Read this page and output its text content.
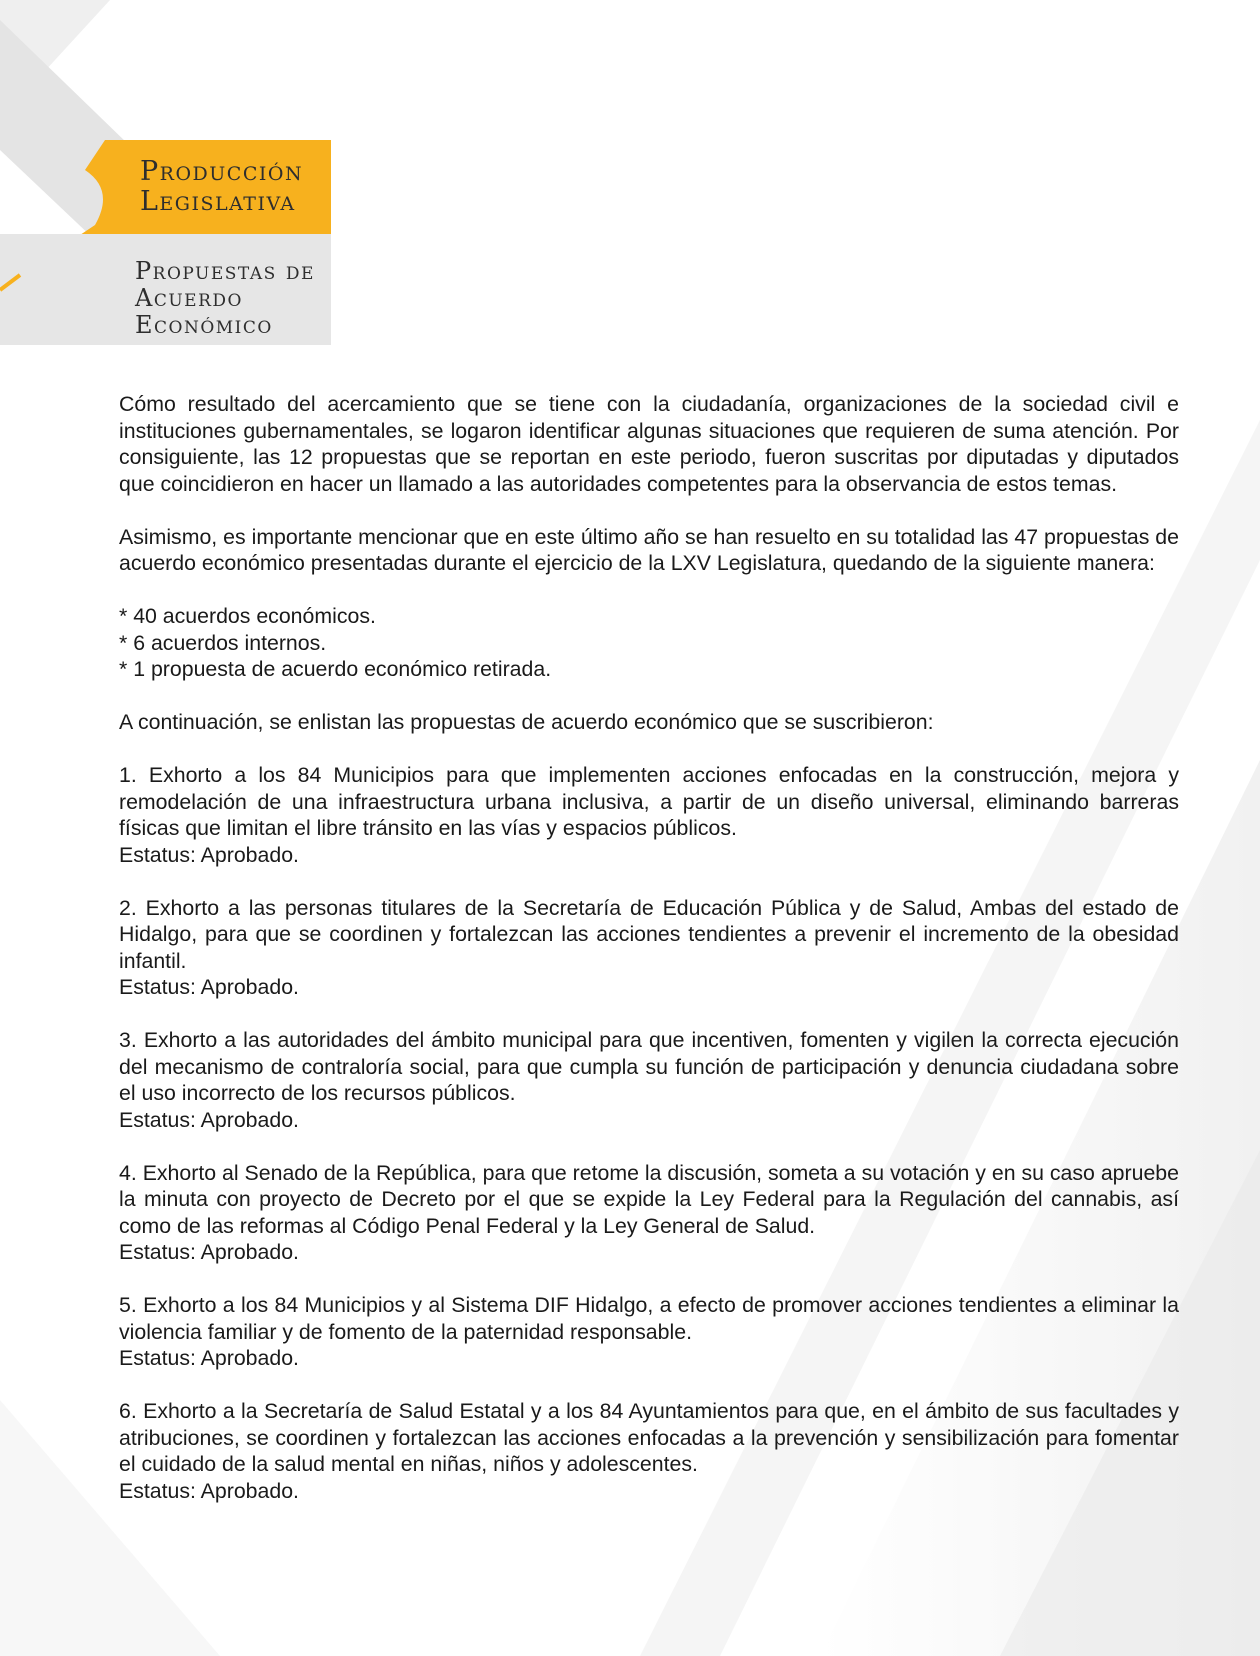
Producción
Legislativa
Propuestas de
Acuerdo
Económico

Cómo resultado del acercamiento que se tiene con la ciudadanía, organizaciones de la sociedad civil e instituciones gubernamentales, se logaron identificar algunas situaciones que requieren de suma atención. Por consiguiente, las 12 propuestas que se reportan en este periodo, fueron suscritas por diputadas y diputados que coincidieron en hacer un llamado a las autoridades competentes para la observancia de estos temas.

Asimismo, es importante mencionar que en este último año se han resuelto en su totalidad las 47 propuestas de acuerdo económico presentadas durante el ejercicio de la LXV Legislatura, quedando de la siguiente manera:

* 40 acuerdos económicos.
* 6 acuerdos internos.
* 1 propuesta de acuerdo económico retirada.

A continuación, se enlistan las propuestas de acuerdo económico que se suscribieron:

1. Exhorto a los 84 Municipios para que implementen acciones enfocadas en la construcción, mejora y remodelación de una infraestructura urbana inclusiva, a partir de un diseño universal, eliminando barreras físicas que limitan el libre tránsito en las vías y espacios públicos.

Estatus: Aprobado.

2. Exhorto a las personas titulares de la Secretaría de Educación Pública y de Salud, Ambas del estado de Hidalgo, para que se coordinen y fortalezcan las acciones tendientes a prevenir el incremento de la obesidad infantil.

Estatus: Aprobado.

3. Exhorto a las autoridades del ámbito municipal para que incentiven, fomenten y vigilen la correcta ejecución del mecanismo de contraloría social, para que cumpla su función de participación y denuncia ciudadana sobre el uso incorrecto de los recursos públicos.

Estatus: Aprobado.

4. Exhorto al Senado de la República, para que retome la discusión, someta a su votación y en su caso apruebe la minuta con proyecto de Decreto por el que se expide la Ley Federal para la Regulación del cannabis, así como de las reformas al Código Penal Federal y la Ley General de Salud.

Estatus: Aprobado.

5. Exhorto a los 84 Municipios y al Sistema DIF Hidalgo, a efecto de promover acciones tendientes a eliminar la violencia familiar y de fomento de la paternidad responsable.

Estatus: Aprobado.

6. Exhorto a la Secretaría de Salud Estatal y a los 84 Ayuntamientos para que, en el ámbito de sus facultades y atribuciones, se coordinen y fortalezcan las acciones enfocadas a la prevención y sensibilización para fomentar el cuidado de la salud mental en niñas, niños y adolescentes.

Estatus: Aprobado.
